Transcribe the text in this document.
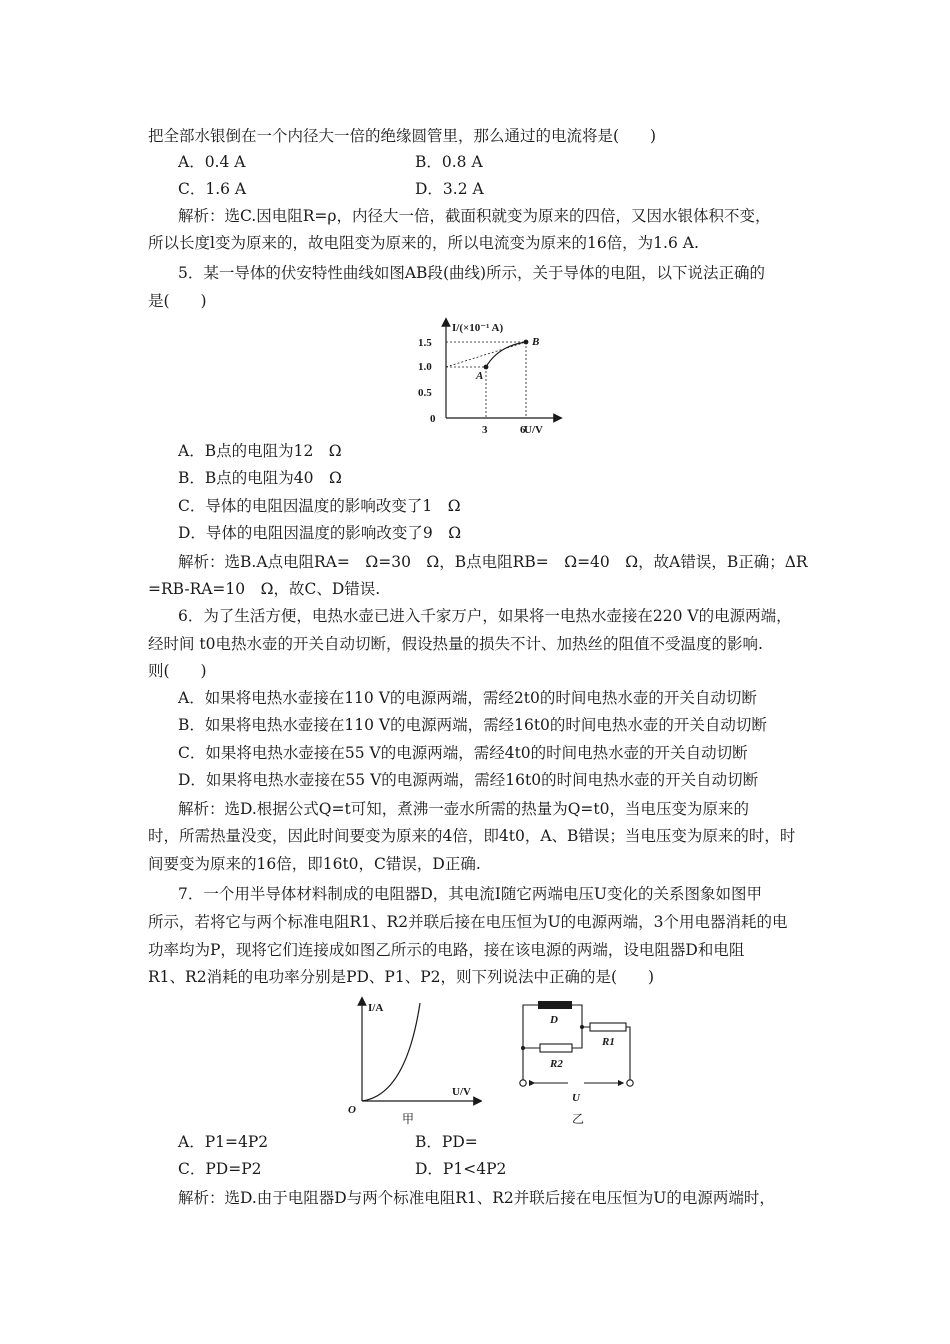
把全部水银倒在一个内径大一倍的绝缘圆管里，那么通过的电流将是(　　)
A．0.4 A	B．0.8 A
C．1.6 A	D．3.2 A
解析：选C.因电阻R=ρ，内径大一倍，截面积就变为原来的四倍，又因水银体积不变，
所以长度l变为原来的，故电阻变为原来的，所以电流变为原来的16倍，为1.6 A.
5．某一导体的伏安特性曲线如图AB段(曲线)所示，关于导体的电阻，以下说法正确的
是(　　)
I/(×10⁻¹ A)
U/V
1.5
1.0
0.5
0
3	6
A
B
A．B点的电阻为12　Ω
B．B点的电阻为40　Ω
C．导体的电阻因温度的影响改变了1　Ω
D．导体的电阻因温度的影响改变了9　Ω
解析：选B.A点电阻RA=　Ω=30　Ω，B点电阻RB=　Ω=40　Ω，故A错误，B正确；ΔR
=RB-RA=10　Ω，故C、D错误.
6．为了生活方便，电热水壶已进入千家万户，如果将一电热水壶接在220 V的电源两端，
经时间 t0电热水壶的开关自动切断，假设热量的损失不计、加热丝的阻值不受温度的影响.
则(　　)
A．如果将电热水壶接在110 V的电源两端，需经2t0的时间电热水壶的开关自动切断
B．如果将电热水壶接在110 V的电源两端，需经16t0的时间电热水壶的开关自动切断
C．如果将电热水壶接在55 V的电源两端，需经4t0的时间电热水壶的开关自动切断
D．如果将电热水壶接在55 V的电源两端，需经16t0的时间电热水壶的开关自动切断
解析：选D.根据公式Q=t可知，煮沸一壶水所需的热量为Q=t0，当电压变为原来的
时，所需热量没变，因此时间要变为原来的4倍，即4t0，A、B错误；当电压变为原来的时，时
间要变为原来的16倍，即16t0，C错误，D正确.
7．一个用半导体材料制成的电阻器D，其电流I随它两端电压U变化的关系图象如图甲
所示，若将它与两个标准电阻R1、R2并联后接在电压恒为U的电源两端，3个用电器消耗的电
功率均为P，现将它们连接成如图乙所示的电路，接在该电源的两端，设电阻器D和电阻
R1、R2消耗的电功率分别是PD、P1、P2，则下列说法中正确的是(　　)
I/A
U/V
O
甲
D
R1
R2
U
乙
A．P1=4P2	B．PD=
C．PD=P2	D．P1<4P2
解析：选D.由于电阻器D与两个标准电阻R1、R2并联后接在电压恒为U的电源两端时，
